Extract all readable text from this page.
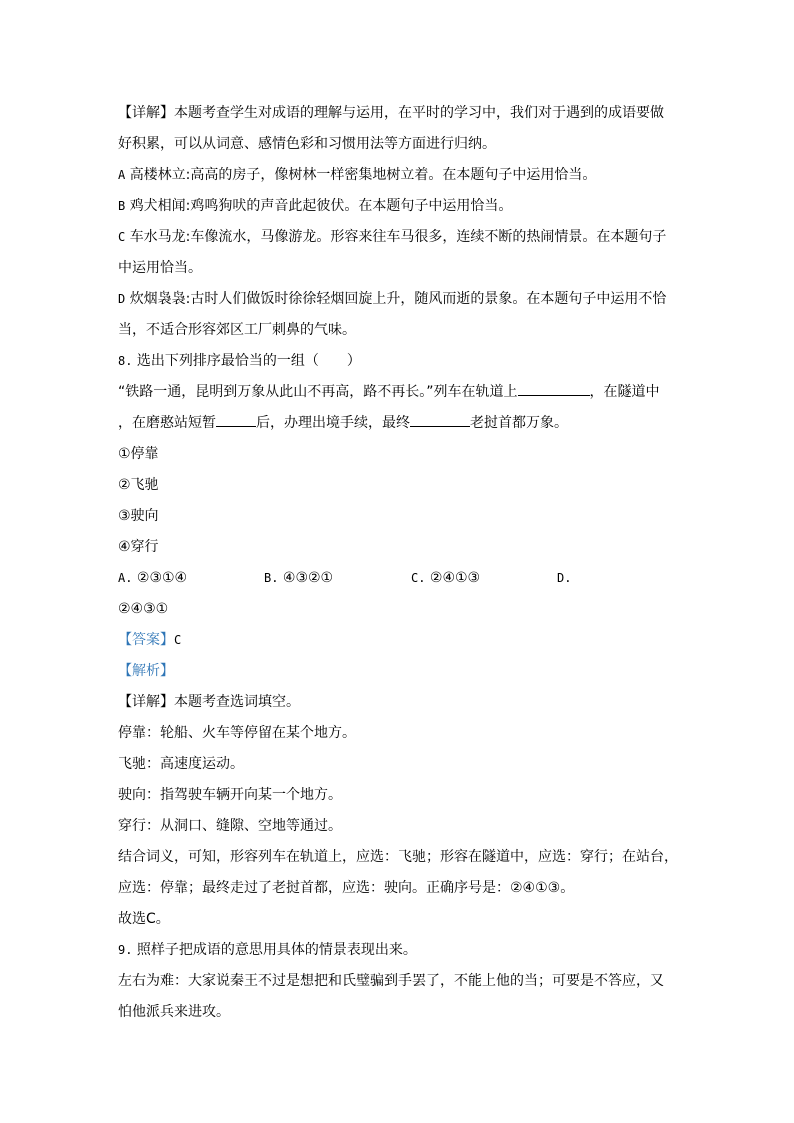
【详解】本题考查学生对成语的理解与运用，在平时的学习中，我们对于遇到的成语要做
好积累，可以从词意、感情色彩和习惯用法等方面进行归纳。
A 高楼林立:高高的房子，像树林一样密集地树立着。在本题句子中运用恰当。
B 鸡犬相闻:鸡鸣狗吠的声音此起彼伏。在本题句子中运用恰当。
C 车水马龙:车像流水，马像游龙。形容来往车马很多，连续不断的热闹情景。在本题句子
中运用恰当。
D 炊烟袅袅:古时人们做饭时徐徐轻烟回旋上升，随风而逝的景象。在本题句子中运用不恰
当，不适合形容郊区工厂刺鼻的气味。
8. 选出下列排序最恰当的一组（　　）
“铁路一通，昆明到万象从此山不再高，路不再长。”列车在轨道上	，在隧道中
，在磨憨站短暂	后，办理出境手续，最终	老挝首都万象。
①停靠
②飞驰
③驶向
④穿行
A. ②③①④	B. ④③②①	C. ②④①③	D.
②④③①
【答案】C
【解析】
【详解】本题考查选词填空。
停靠：轮船、火车等停留在某个地方。
飞驰：高速度运动。
驶向：指驾驶车辆开向某一个地方。
穿行：从洞口、缝隙、空地等通过。
结合词义，可知，形容列车在轨道上，应选：飞驰；形容在隧道中，应选：穿行；在站台，
应选：停靠；最终走过了老挝首都，应选：驶向。正确序号是：②④①③。
故选C。
9. 照样子把成语的意思用具体的情景表现出来。
左右为难：大家说秦王不过是想把和氏璧骗到手罢了，不能上他的当；可要是不答应，又
怕他派兵来进攻。
